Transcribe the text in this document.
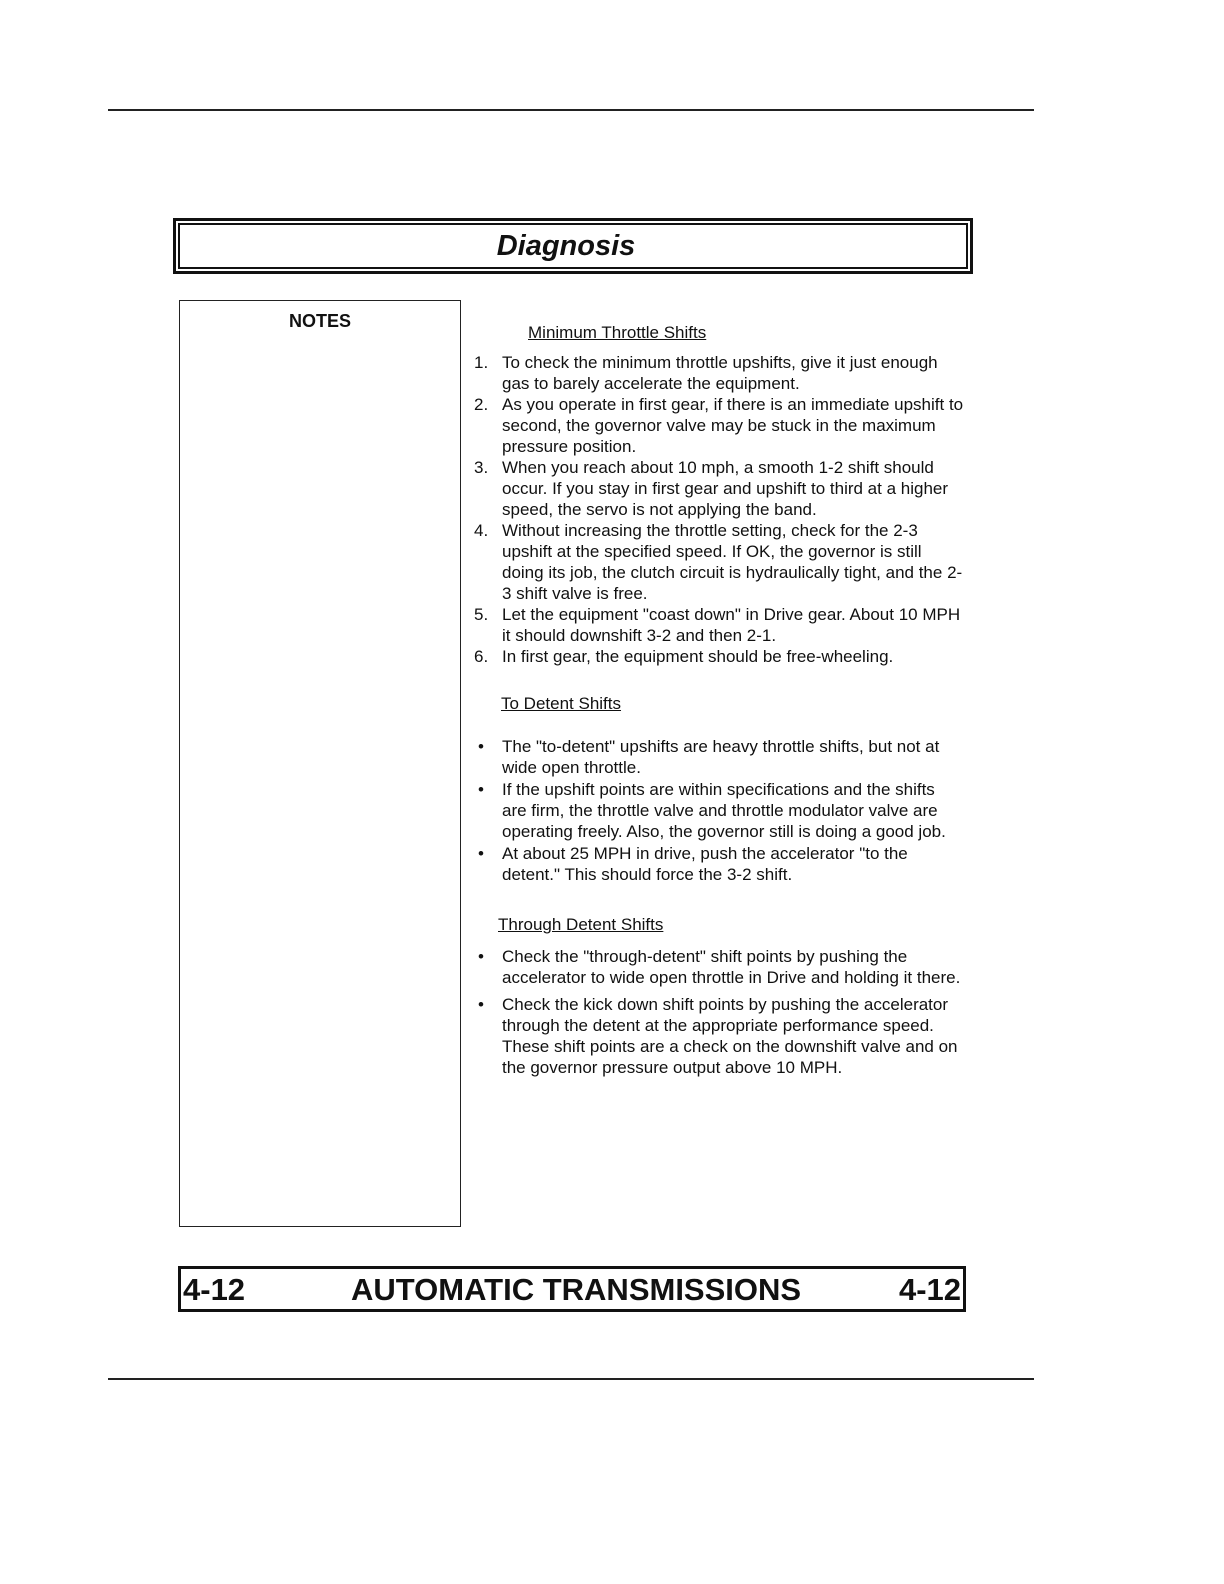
Diagnosis
NOTES
Minimum Throttle Shifts
1. To check the minimum throttle upshifts, give it just enough gas to barely accelerate the equipment.
2. As you operate in first gear, if there is an immediate upshift to second, the governor valve may be stuck in the maximum pressure position.
3. When you reach about 10 mph, a smooth 1-2 shift should occur. If you stay in first gear and upshift to third at a higher speed, the servo is not applying the band.
4. Without increasing the throttle setting, check for the 2-3 upshift at the specified speed. If OK, the governor is still doing its job, the clutch circuit is hydraulically tight, and the 2-3 shift valve is free.
5. Let the equipment "coast down" in Drive gear. About 10 MPH it should downshift 3-2 and then 2-1.
6. In first gear, the equipment should be free-wheeling.
To Detent Shifts
•	The "to-detent" upshifts are heavy throttle shifts, but not at wide open throttle.
•	If the upshift points are within specifications and the shifts are firm, the throttle valve and throttle modulator valve are operating freely. Also, the governor still is doing a good job.
•	At about 25 MPH in drive, push the accelerator "to the detent." This should force the 3-2 shift.
Through Detent Shifts
•	Check the "through-detent" shift points by pushing the accelerator to wide open throttle in Drive and holding it there.
•	Check the kick down shift points by pushing the accelerator through the detent at the appropriate performance speed. These shift points are a check on the downshift valve and on the governor pressure output above 10 MPH.
4-12	AUTOMATIC TRANSMISSIONS	4-12
